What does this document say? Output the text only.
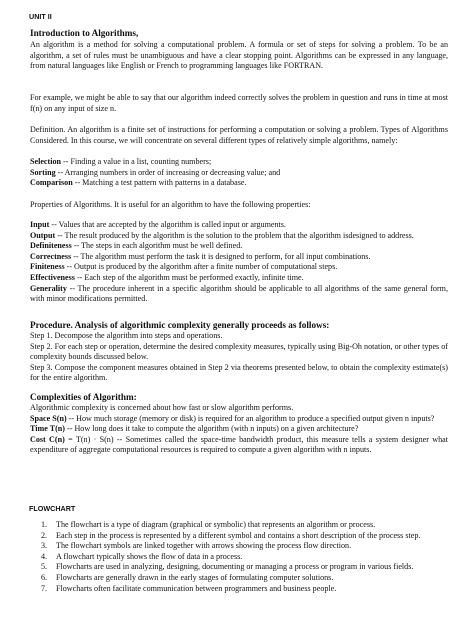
UNIT II
Introduction to Algorithms,

An algorithm is a method for solving a computational problem. A formula or set of steps for solving a problem. To be an algorithm, a set of rules must be unambiguous and have a clear stopping point. Algorithms can be expressed in any language, from natural languages like English or French to programming languages like FORTRAN.

For example, we might be able to say that our algorithm indeed correctly solves the problem in question and runs in time at most f(n) on any input of size n.

Definition. An algorithm is a finite set of instructions for performing a computation or solving a problem. Types of Algorithms Considered. In this course, we will concentrate on several different types of relatively simple algorithms, namely:

Selection -- Finding a value in a list, counting numbers;
Sorting -- Arranging numbers in order of increasing or decreasing value; and
Comparison -- Matching a test pattern with patterns in a database.

Properties of Algorithms. It is useful for an algorithm to have the following properties:

Input -- Values that are accepted by the algorithm is called input or arguments.
Output -- The result produced by the algorithm is the solution to the problem that the algorithm isdesigned to address.
Definiteness -- The steps in each algorithm must be well defined.
Correctness -- The algorithm must perform the task it is designed to perform, for all input combinations.
Finiteness -- Output is produced by the algorithm after a finite number of computational steps.
Effectiveness -- Each step of the algorithm must be performed exactly, infinite time.
Generality -- The procedure inherent in a specific algorithm should be applicable to all algorithms of the same general form, with minor modifications permitted.
Procedure. Analysis of algorithmic complexity generally proceeds as follows:
Step 1. Decompose the algorithm into steps and operations.
Step 2. For each step or operation, determine the desired complexity measures, typically using Big-Oh notation, or other types of complexity bounds discussed below.
Step 3. Compose the component measures obtained in Step 2 via theorems presented below, to obtain the complexity estimate(s) for the entire algorithm.
Complexities of Algorithm:
Algorithmic complexity is concerned about how fast or slow algorithm performs.
Space S(n) -- How much storage (memory or disk) is required for an algorithm to produce a specified output given n inputs?
Time T(n) -- How long does it take to compute the algorithm (with n inputs) on a given architecture?
Cost C(n) = T(n) · S(n) -- Sometimes called the space-time bandwidth product, this measure tells a system designer what expenditure of aggregate computational resources is required to compute a given algorithm with n inputs.
FLOWCHART
1. The flowchart is a type of diagram (graphical or symbolic) that represents an algorithm or process.
2. Each step in the process is represented by a different symbol and contains a short description of the process step.
3. The flowchart symbols are linked together with arrows showing the process flow direction.
4. A flowchart typically shows the flow of data in a process.
5. Flowcharts are used in analyzing, designing, documenting or managing a process or program in various fields.
6. Flowcharts are generally drawn in the early stages of formulating computer solutions.
7. Flowcharts often facilitate communication between programmers and business people.
